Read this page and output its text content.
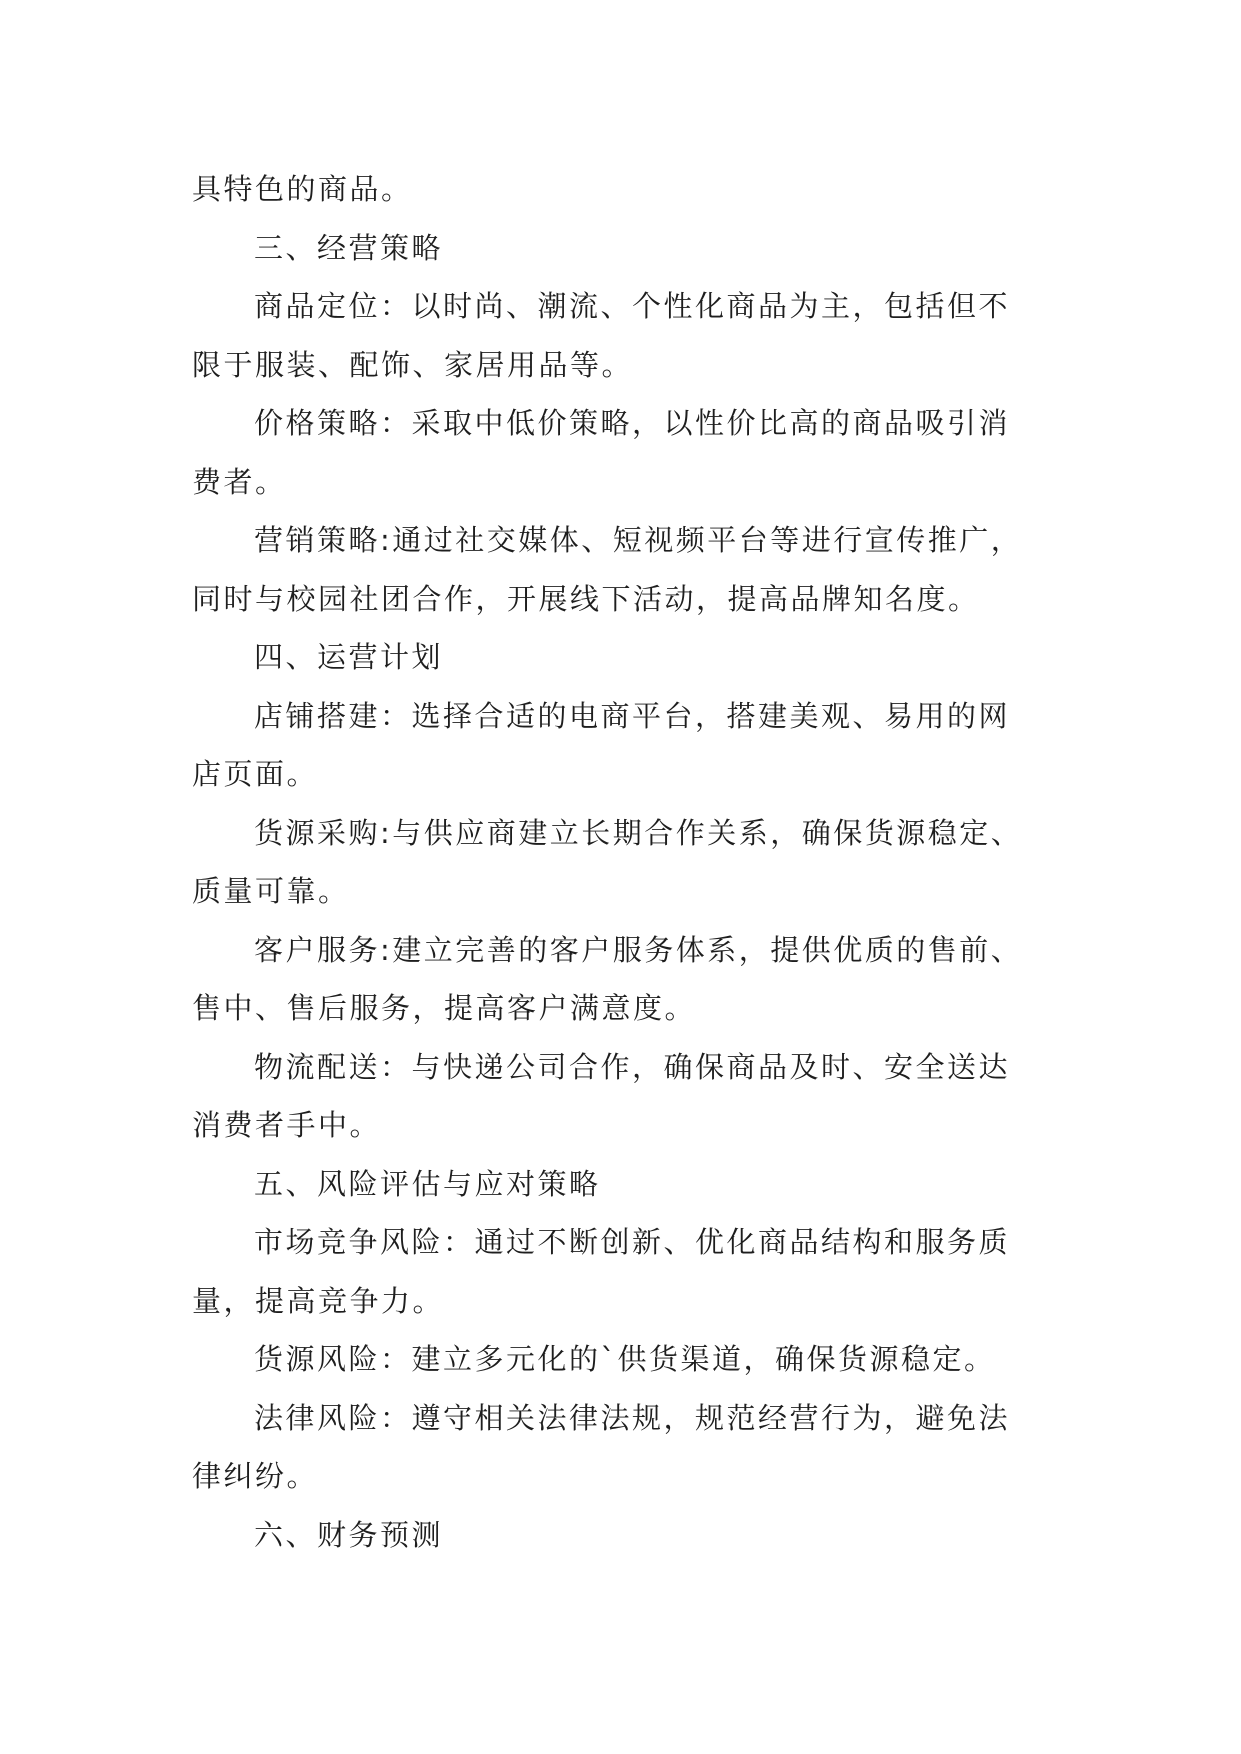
具特色的商品。
三、经营策略
商品定位：以时尚、潮流、个性化商品为主，包括但不
限于服装、配饰、家居用品等。
价格策略：采取中低价策略，以性价比高的商品吸引消
费者。
营销策略:通过社交媒体、短视频平台等进行宣传推广，
同时与校园社团合作，开展线下活动，提高品牌知名度。
四、运营计划
店铺搭建：选择合适的电商平台，搭建美观、易用的网
店页面。
货源采购:与供应商建立长期合作关系，确保货源稳定、
质量可靠。
客户服务:建立完善的客户服务体系，提供优质的售前、
售中、售后服务，提高客户满意度。
物流配送：与快递公司合作，确保商品及时、安全送达
消费者手中。
五、风险评估与应对策略
市场竞争风险：通过不断创新、优化商品结构和服务质
量，提高竞争力。
货源风险：建立多元化的`供货渠道，确保货源稳定。
法律风险：遵守相关法律法规，规范经营行为，避免法
律纠纷。
六、财务预测
